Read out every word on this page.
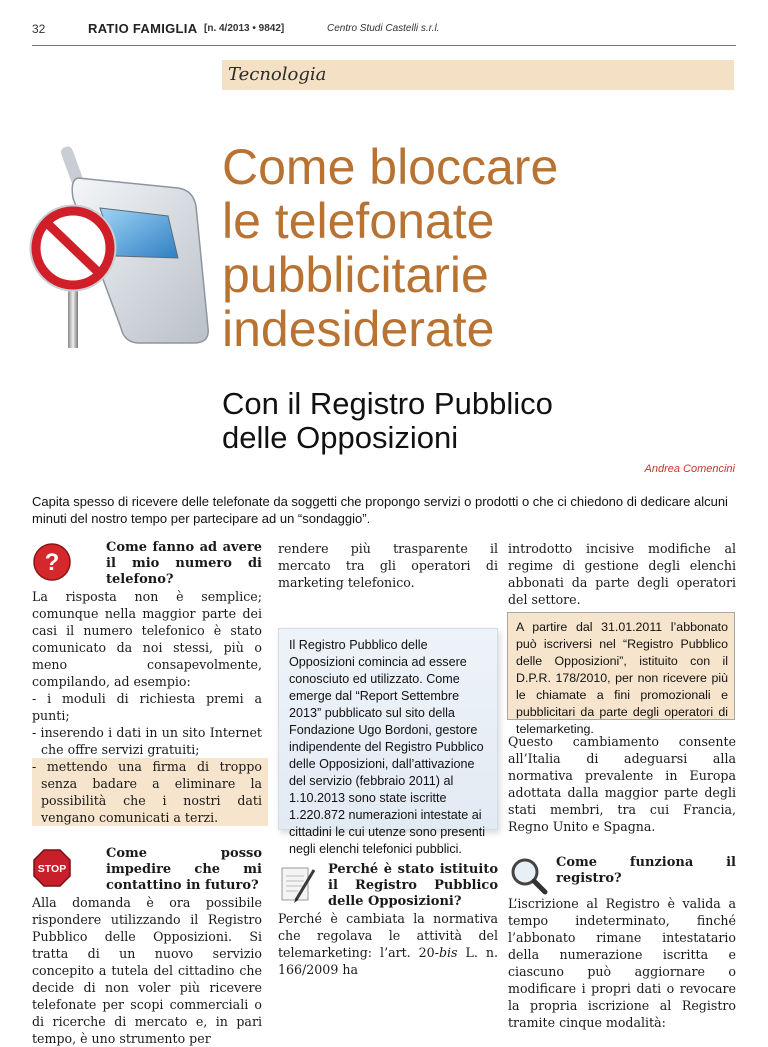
32	RATIO FAMIGLIA [n. 4/2013 • 9842]	Centro Studi Castelli s.r.l.
Tecnologia
Come bloccare
le telefonate
pubblicitarie
indesiderate
Con il Registro Pubblico
delle Opposizioni
Andrea Comencini
Capita spesso di ricevere delle telefonate da soggetti che propongo servizi o prodotti o che ci chiedono di dedicare alcuni minuti del nostro tempo per partecipare ad un “sondaggio”.
?
Come fanno ad avere il mio numero di telefono?
La risposta non è semplice; comunque nella maggior parte dei casi il numero telefonico è stato comunicato da noi stessi, più o meno consapevolmente, compilando, ad esempio:
- i moduli di richiesta premi a punti;
- inserendo i dati in un sito Internet che offre servizi gratuiti;
- mettendo una firma di troppo senza badare a eliminare la possibilità che i nostri dati vengano comunicati a terzi.
STOP
Come posso impedire che mi contattino in futuro?
Alla domanda è ora possibile rispondere utilizzando il Registro Pubblico delle Opposizioni. Si tratta di un nuovo servizio concepito a tutela del cittadino che decide di non voler più ricevere telefonate per scopi commerciali o di ricerche di mercato e, in pari tempo, è uno strumento per
rendere più trasparente il mercato tra gli operatori di marketing telefonico.
Il Registro Pubblico delle Opposizioni comincia ad essere conosciuto ed utilizzato. Come emerge dal “Report Settembre 2013” pubblicato sul sito della Fondazione Ugo Bordoni, gestore indipendente del Registro Pubblico delle Opposizioni, dall’attivazione del servizio (febbraio 2011) al 1.10.2013 sono state iscritte 1.220.872 numerazioni intestate ai cittadini le cui utenze sono presenti negli elenchi telefonici pubblici.
Perché è stato istituito il Registro Pubblico delle Opposizioni?
Perché è cambiata la normativa che regolava le attività del telemarketing: l’art. 20-bis L. n. 166/2009 ha
introdotto incisive modifiche al regime di gestione degli elenchi abbonati da parte degli operatori del settore.
A partire dal 31.01.2011 l’abbonato può iscriversi nel “Registro Pubblico delle Opposizioni”, istituito con il D.P.R. 178/2010, per non ricevere più le chiamate a fini promozionali e pubblicitari da parte degli operatori di telemarketing.
Questo cambiamento consente all’Italia di adeguarsi alla normativa prevalente in Europa adottata dalla maggior parte degli stati membri, tra cui Francia, Regno Unito e Spagna.
Come funziona il registro?
L’iscrizione al Registro è valida a tempo indeterminato, finché l’abbonato rimane intestatario della numerazione iscritta e ciascuno può aggiornare o modificare i propri dati o revocare la propria iscrizione al Registro tramite cinque modalità:
